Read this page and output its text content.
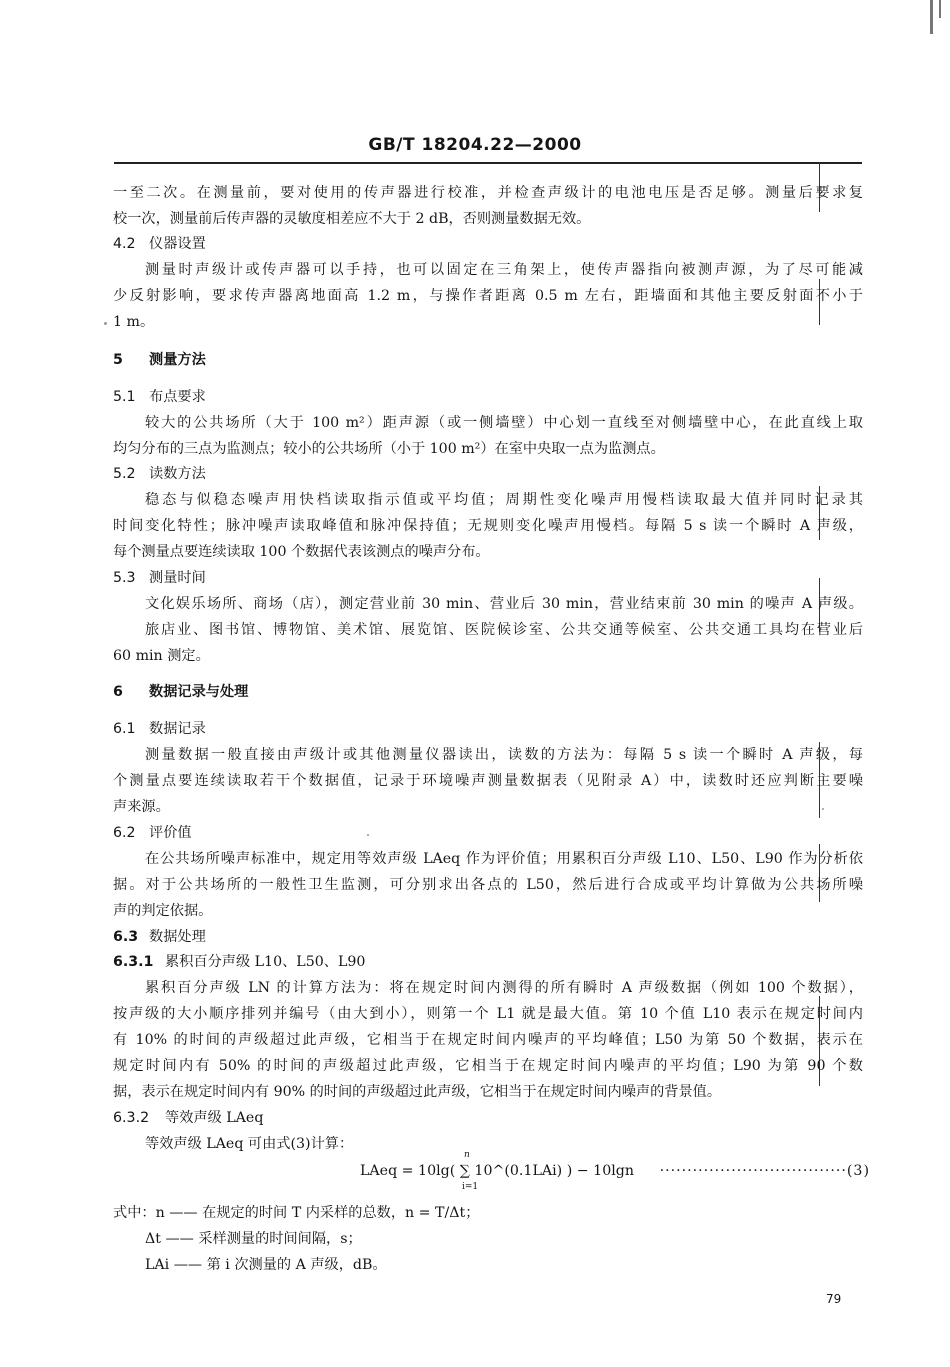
GB/T 18204.22—2000
一至二次。在测量前，要对使用的传声器进行校准，并检查声级计的电池电压是否足够。测量后要求复
校一次，测量前后传声器的灵敏度相差应不大于 2 dB，否则测量数据无效。
4.2 仪器设置
测量时声级计或传声器可以手持，也可以固定在三角架上，使传声器指向被测声源，为了尽可能减
少反射影响，要求传声器离地面高 1.2 m，与操作者距离 0.5 m 左右，距墙面和其他主要反射面不小于
1 m。
5 测量方法
5.1 布点要求
较大的公共场所（大于 100 m²）距声源（或一侧墙壁）中心划一直线至对侧墙壁中心，在此直线上取
均匀分布的三点为监测点；较小的公共场所（小于 100 m²）在室中央取一点为监测点。
5.2 读数方法
稳态与似稳态噪声用快档读取指示值或平均值；周期性变化噪声用慢档读取最大值并同时记录其
时间变化特性；脉冲噪声读取峰值和脉冲保持值；无规则变化噪声用慢档。每隔 5 s 读一个瞬时 A 声级，
每个测量点要连续读取 100 个数据代表该测点的噪声分布。
5.3 测量时间
文化娱乐场所、商场（店），测定营业前 30 min、营业后 30 min，营业结束前 30 min 的噪声 A 声级。
旅店业、图书馆、博物馆、美术馆、展览馆、医院候诊室、公共交通等候室、公共交通工具均在营业后
60 min 测定。
6 数据记录与处理
6.1 数据记录
测量数据一般直接由声级计或其他测量仪器读出，读数的方法为：每隔 5 s 读一个瞬时 A 声级，每
个测量点要连续读取若干个数据值，记录于环境噪声测量数据表（见附录 A）中，读数时还应判断主要噪
声来源。
6.2 评价值
在公共场所噪声标准中，规定用等效声级 LAeq 作为评价值；用累积百分声级 L10、L50、L90 作为分析依
据。对于公共场所的一般性卫生监测，可分别求出各点的 L50，然后进行合成或平均计算做为公共场所噪
声的判定依据。
6.3 数据处理
6.3.1 累积百分声级 L10、L50、L90
累积百分声级 LN 的计算方法为：将在规定时间内测得的所有瞬时 A 声级数据（例如 100 个数据），
按声级的大小顺序排列并编号（由大到小），则第一个 L1 就是最大值。第 10 个值 L10 表示在规定时间内
有 10% 的时间的声级超过此声级，它相当于在规定时间内噪声的平均峰值；L50 为第 50 个数据，表示在
规定时间内有 50% 的时间的声级超过此声级，它相当于在规定时间内噪声的平均值；L90 为第 90 个数
据，表示在规定时间内有 90% 的时间的声级超过此声级，它相当于在规定时间内噪声的背景值。
6.3.2 等效声级 LAeq
等效声级 LAeq 可由式(3)计算：
n
LAeq = 10lg( ∑ 10^(0.1LAi) ) − 10lgn
i=1
··································(3)
式中：n —— 在规定的时间 T 内采样的总数，n = T/Δt；
Δt —— 采样测量的时间间隔，s；
LAi —— 第 i 次测量的 A 声级，dB。
79
